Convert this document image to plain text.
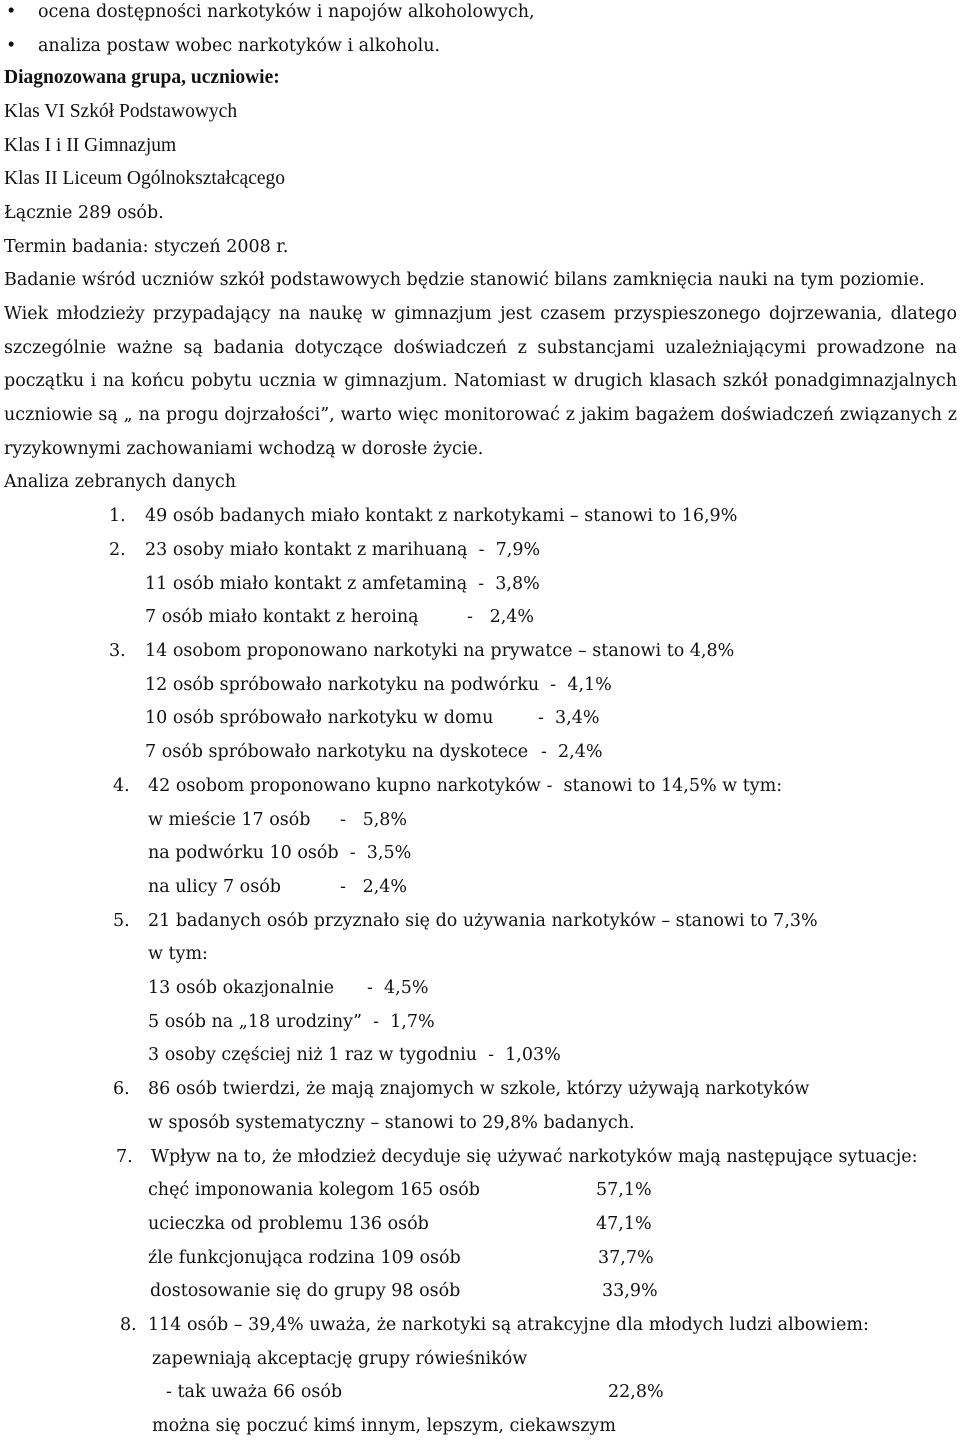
• ocena dostępności narkotyków i napojów alkoholowych,
• analiza postaw wobec narkotyków i alkoholu.
Diagnozowana grupa, uczniowie:
Klas VI Szkół Podstawowych
Klas I i II Gimnazjum
Klas II Liceum Ogólnokształcącego
Łącznie 289 osób.
Termin badania: styczeń 2008 r.
Badanie wśród uczniów szkół podstawowych będzie stanowić bilans zamknięcia nauki na tym poziomie.
Wiek młodzieży przypadający na naukę w gimnazjum jest czasem przyspieszonego dojrzewania, dlatego
szczególnie ważne są badania dotyczące doświadczeń z substancjami uzależniającymi prowadzone na
początku i na końcu pobytu ucznia w gimnazjum. Natomiast w drugich klasach szkół ponadgimnazjalnych
uczniowie są „ na progu dojrzałości”, warto więc monitorować z jakim bagażem doświadczeń związanych z
ryzykownymi zachowaniami wchodzą w dorosłe życie.
Analiza zebranych danych
1. 49 osób badanych miało kontakt z narkotykami – stanowi to 16,9%
2. 23 osoby miało kontakt z marihuaną  -  7,9%
11 osób miało kontakt z amfetaminą  -  3,8%
7 osób miało kontakt z heroiną	-   2,4%
3. 14 osobom proponowano narkotyki na prywatce – stanowi to 4,8%
12 osób spróbowało narkotyku na podwórku  -  4,1%
10 osób spróbowało narkotyku w domu	-  3,4%
7 osób spróbowało narkotyku na dyskotece -  2,4%
4. 42 osobom proponowano kupno narkotyków -  stanowi to 14,5% w tym:
w mieście 17 osób -   5,8%
na podwórku 10 osób  -  3,5%
na ulicy 7 osób	-   2,4%
5. 21 badanych osób przyznało się do używania narkotyków – stanowi to 7,3%
w tym:
13 osób okazjonalnie -  4,5%
5 osób na „18 urodziny”  -  1,7%
3 osoby częściej niż 1 raz w tygodniu  -  1,03%
6. 86 osób twierdzi, że mają znajomych w szkole, którzy używają narkotyków
w sposób systematyczny – stanowi to 29,8% badanych.
7. Wpływ na to, że młodzież decyduje się używać narkotyków mają następujące sytuacje:
chęć imponowania kolegom 165 osób	57,1%
ucieczka od problemu 136 osób	47,1%
źle funkcjonująca rodzina 109 osób	37,7%
dostosowanie się do grupy 98 osób	33,9%
8. 114 osób – 39,4% uważa, że narkotyki są atrakcyjne dla młodych ludzi albowiem:
zapewniają akceptację grupy rówieśników
- tak uważa 66 osób	22,8%
można się poczuć kimś innym, lepszym, ciekawszym
